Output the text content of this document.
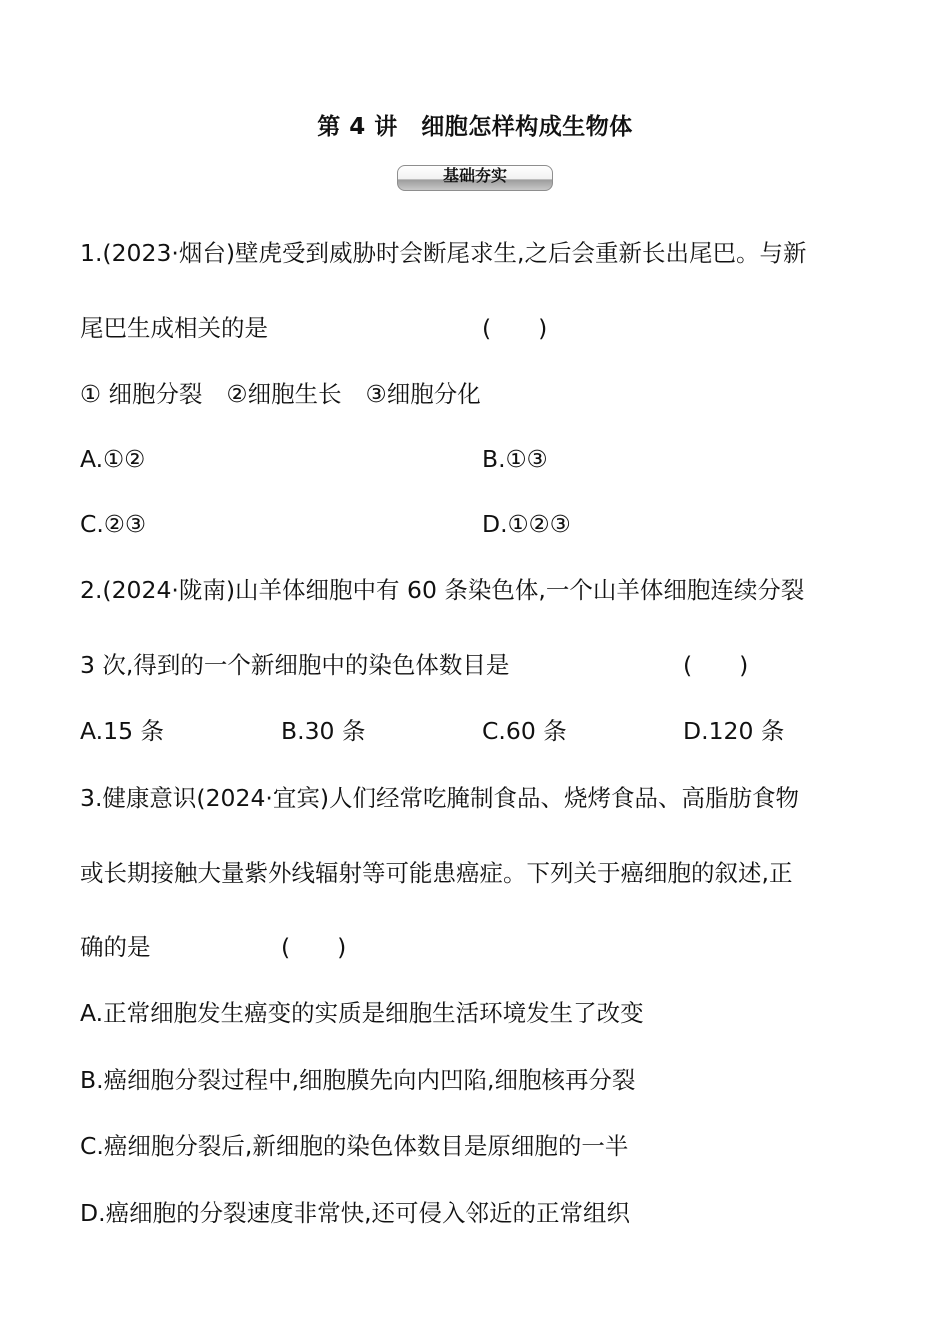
第 4 讲　细胞怎样构成生物体
基础夯实
1.(2023·烟台)壁虎受到威胁时会断尾求生,之后会重新长出尾巴。与新
尾巴生成相关的是	(　　)
① 细胞分裂 ②细胞生长 ③细胞分化
A.①②	B.①③
C.②③	D.①②③
2.(2024·陇南)山羊体细胞中有 60 条染色体,一个山羊体细胞连续分裂
3 次,得到的一个新细胞中的染色体数目是	(　　)
A.15 条	B.30 条	C.60 条	D.120 条
3.健康意识(2024·宜宾)人们经常吃腌制食品、烧烤食品、高脂肪食物
或长期接触大量紫外线辐射等可能患癌症。下列关于癌细胞的叙述,正
确的是	(　　)
A.正常细胞发生癌变的实质是细胞生活环境发生了改变
B.癌细胞分裂过程中,细胞膜先向内凹陷,细胞核再分裂
C.癌细胞分裂后,新细胞的染色体数目是原细胞的一半
D.癌细胞的分裂速度非常快,还可侵入邻近的正常组织
